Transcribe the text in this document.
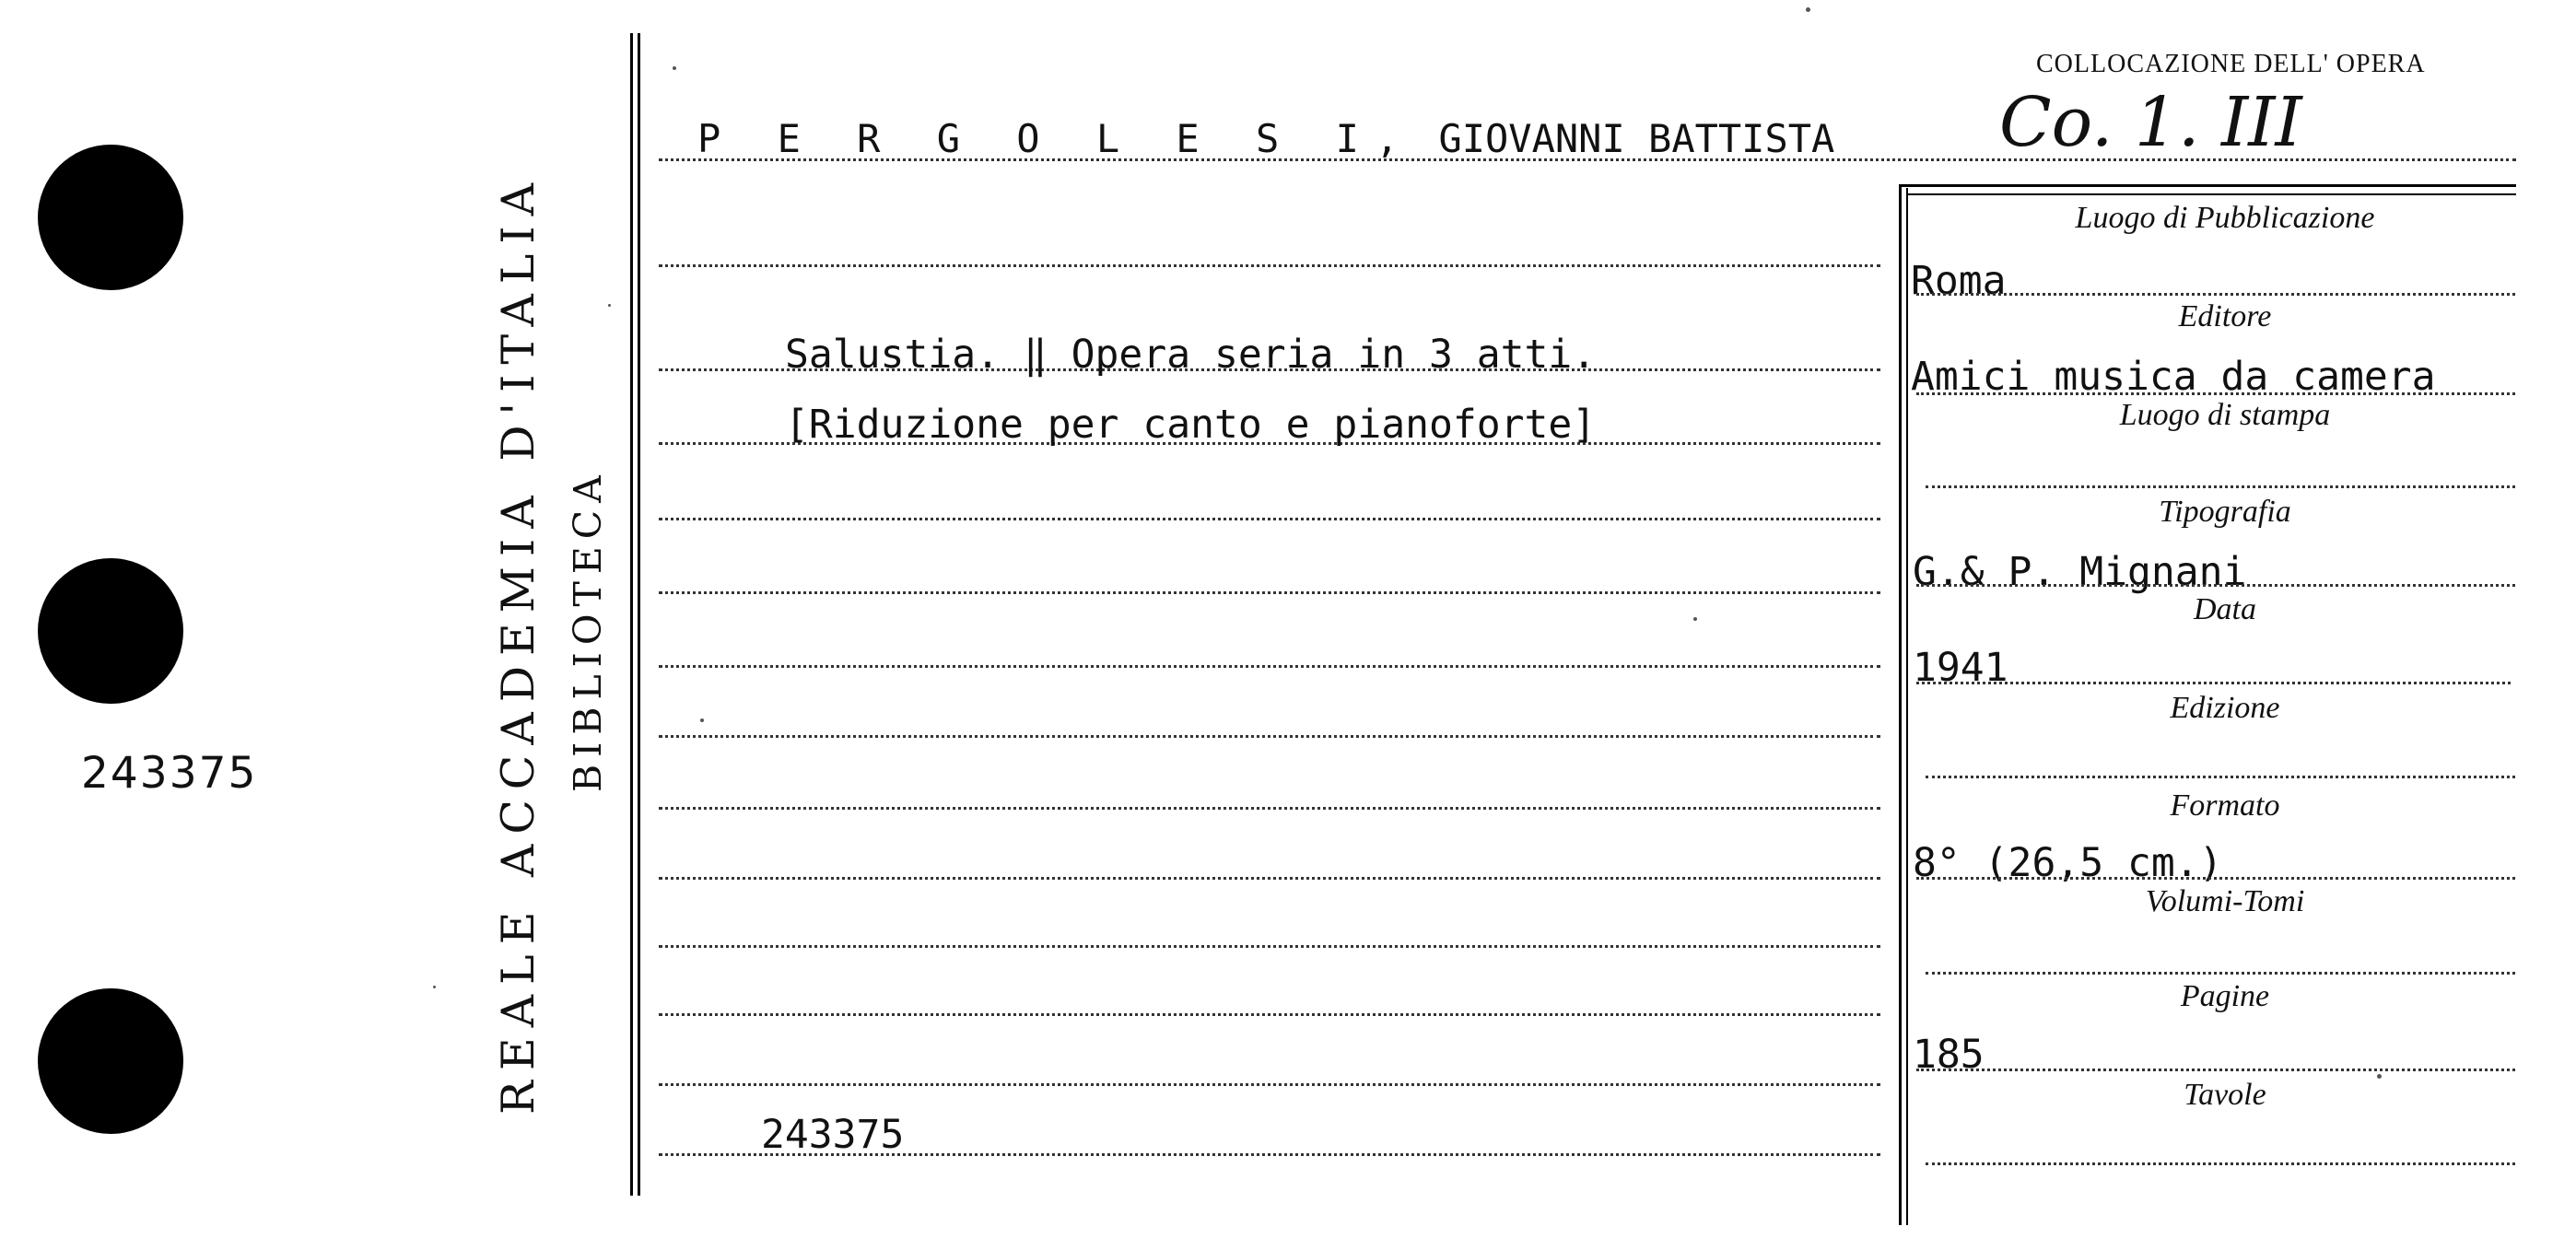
243375	REALE ACCADEMIA D'ITALIA BIBLIOTECA
COLLOCAZIONE DELL' OPERA
Co. 1. III
P E R G O L E S I, GIOVANNI BATTISTA
Salustia. ‖ Opera seria in 3 atti.
[Riduzione per canto e pianoforte]
243375
Luogo di Pubblicazione
Roma
Editore
Amici musica da camera
Luogo di stampa
Tipografia
G.& P. Mignani
Data
1941
Edizione
Formato
8° (26,5 cm.)
Volumi-Tomi
Pagine
185
Tavole
